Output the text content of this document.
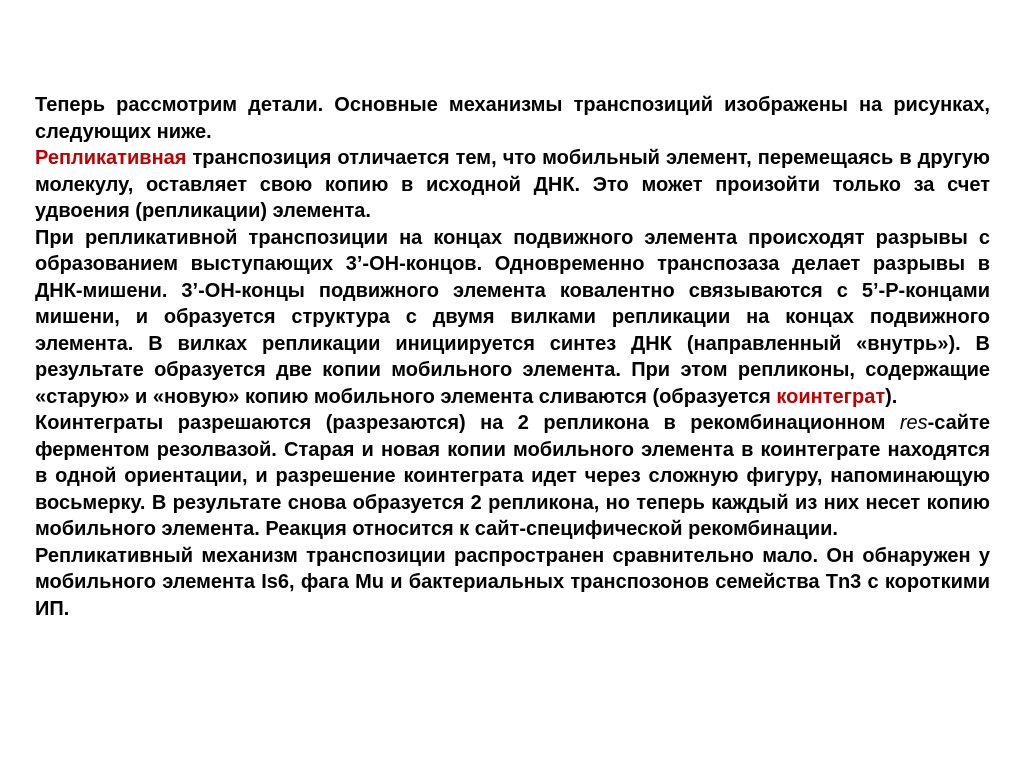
Теперь рассмотрим детали. Основные механизмы транспозиций изображены на рисунках, следующих ниже.

Репликативная транспозиция отличается тем, что мобильный элемент, перемещаясь в другую молекулу, оставляет свою копию в исходной ДНК. Это может произойти только за счет удвоения (репликации) элемента.

При репликативной транспозиции на концах подвижного элемента происходят разрывы с образованием выступающих 3’-ОН-концов. Одновременно транспозаза делает разрывы в ДНК-мишени. 3’-ОН-концы подвижного элемента ковалентно связываются с 5’-Р-концами мишени, и образуется структура с двумя вилками репликации на концах подвижного элемента. В вилках репликации инициируется синтез ДНК (направленный «внутрь»). В результате образуется две копии мобильного элемента. При этом репликоны, содержащие «старую» и «новую» копию мобильного элемента сливаются (образуется коинтеграт).

Коинтеграты разрешаются (разрезаются) на 2 репликона в рекомбинационном res-сайте ферментом резолвазой. Старая и новая копии мобильного элемента в коинтеграте находятся в одной ориентации, и разрешение коинтеграта идет через сложную фигуру, напоминающую восьмерку. В результате снова образуется 2 репликона, но теперь каждый из них несет копию мобильного элемента. Реакция относится к сайт-специфической рекомбинации.

Репликативный механизм транспозиции распространен сравнительно мало. Он обнаружен у мобильного элемента Is6, фага Mu и бактериальных транспозонов семейства Tn3 с короткими ИП.
